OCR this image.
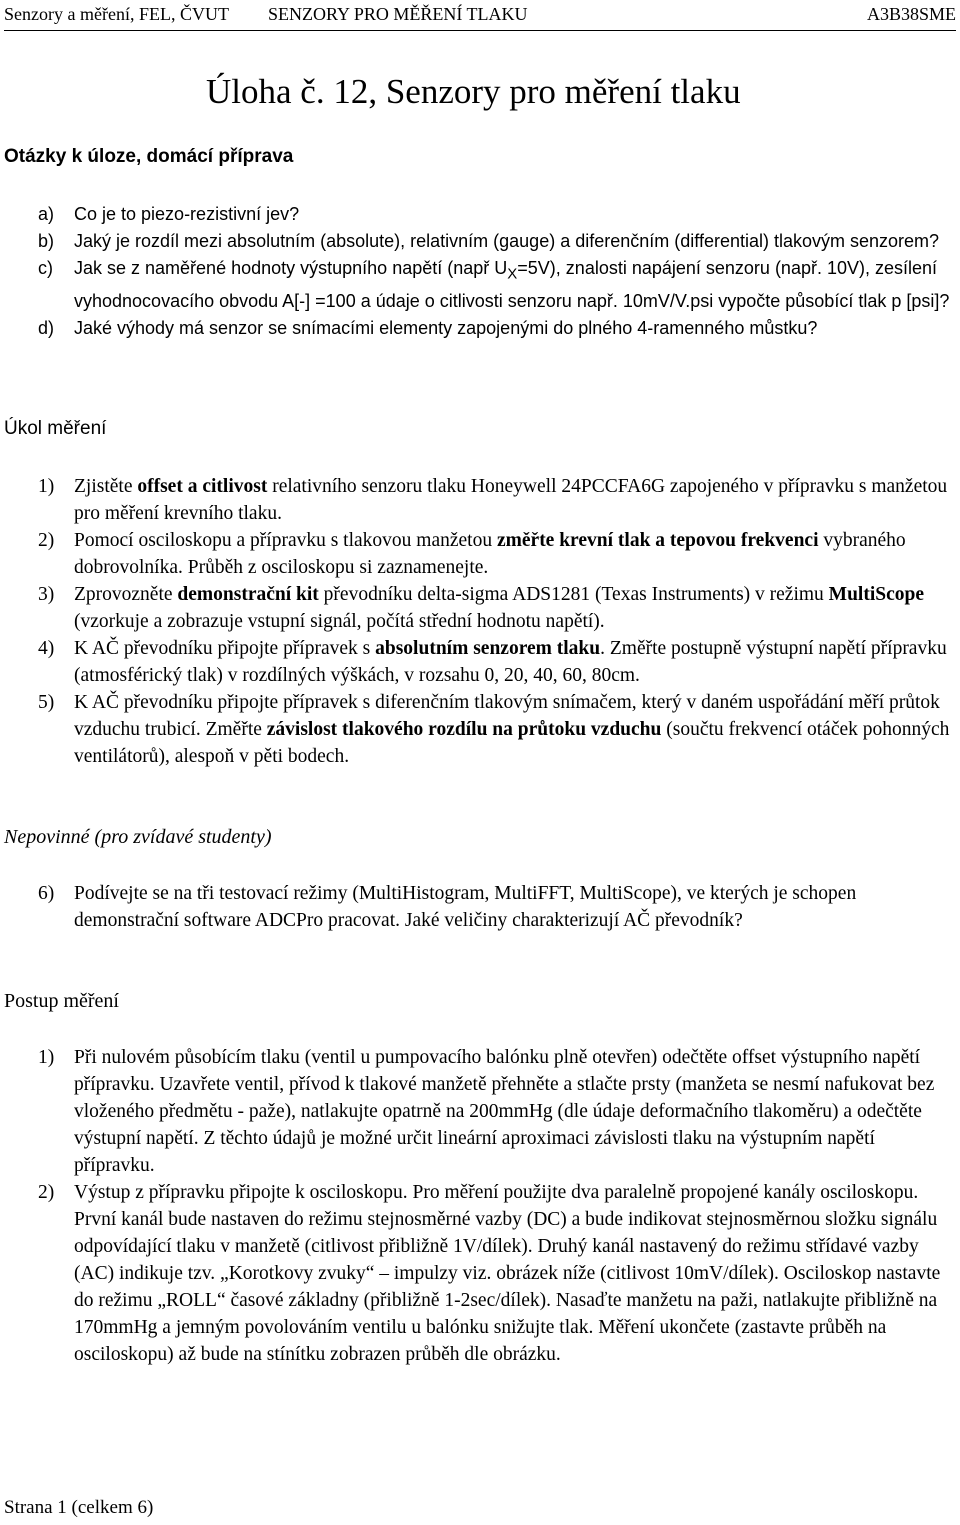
Senzory a měření, FEL, ČVUT SENZORY PRO MĚŘENÍ TLAKU	A3B38SME
Úloha č. 12, Senzory pro měření tlaku
Otázky k úloze, domácí příprava
a) Co je to piezo-rezistivní jev?
b) Jaký je rozdíl mezi absolutním (absolute), relativním (gauge) a diferenčním (differential) tlakovým senzorem?
c) Jak se z naměřené hodnoty výstupního napětí (např $U_X=5V$), znalosti napájení senzoru (např. 10V), zesílení vyhodnocovacího obvodu A[-] =100 a údaje o citlivosti senzoru např. 10mV/V.psi vypočte působící tlak p [psi]?
d) Jaké výhody má senzor se snímacími elementy zapojenými do plného 4-ramenného můstku?
Úkol měření
1) Zjistěte offset a citlivost relativního senzoru tlaku Honeywell 24PCCFA6G zapojeného v přípravku s manžetou pro měření krevního tlaku.
2) Pomocí osciloskopu a přípravku s tlakovou manžetou změřte krevní tlak a tepovou frekvenci vybraného dobrovolníka. Průběh z osciloskopu si zaznamenejte.
3) Zprovozněte demonstrační kit převodníku delta-sigma ADS1281 (Texas Instruments) v režimu MultiScope (vzorkuje a zobrazuje vstupní signál, počítá střední hodnotu napětí).
4) K AČ převodníku připojte přípravek s absolutním senzorem tlaku. Změřte postupně výstupní napětí přípravku (atmosférický tlak) v rozdílných výškách, v rozsahu 0, 20, 40, 60, 80cm.
5) K AČ převodníku připojte přípravek s diferenčním tlakovým snímačem, který v daném uspořádání měří průtok vzduchu trubicí. Změřte závislost tlakového rozdílu na průtoku vzduchu (součtu frekvencí otáček pohonných ventilátorů), alespoň v pěti bodech.
Nepovinné (pro zvídavé studenty)
6) Podívejte se na tři testovací režimy (MultiHistogram, MultiFFT, MultiScope), ve kterých je schopen demonstrační software ADCPro pracovat. Jaké veličiny charakterizují AČ převodník?
Postup měření
1) Při nulovém působícím tlaku (ventil u pumpovacího balónku plně otevřen) odečtěte offset výstupního napětí přípravku. Uzavřete ventil, přívod k tlakové manžetě přehněte a stlačte prsty (manžeta se nesmí nafukovat bez vloženého předmětu - paže), natlakujte opatrně na 200mmHg (dle údaje deformačního tlakoměru) a odečtěte výstupní napětí. Z těchto údajů je možné určit lineární aproximaci závislosti tlaku na výstupním napětí přípravku.
2) Výstup z přípravku připojte k osciloskopu. Pro měření použijte dva paralelně propojené kanály osciloskopu. První kanál bude nastaven do režimu stejnosměrné vazby (DC) a bude indikovat stejnosměrnou složku signálu odpovídající tlaku v manžetě (citlivost přibližně 1V/dílek). Druhý kanál nastavený do režimu střídavé vazby (AC) indikuje tzv. „Korotkovy zvuky“ – impulzy viz. obrázek níže (citlivost 10mV/dílek). Osciloskop nastavte do režimu „ROLL“ časové základny (přibližně 1-2sec/dílek). Nasaďte manžetu na paži, natlakujte přibližně na 170mmHg a jemným povolováním ventilu u balónku snižujte tlak. Měření ukončete (zastavte průběh na osciloskopu) až bude na stínítku zobrazen průběh dle obrázku.
Strana 1 (celkem 6)
